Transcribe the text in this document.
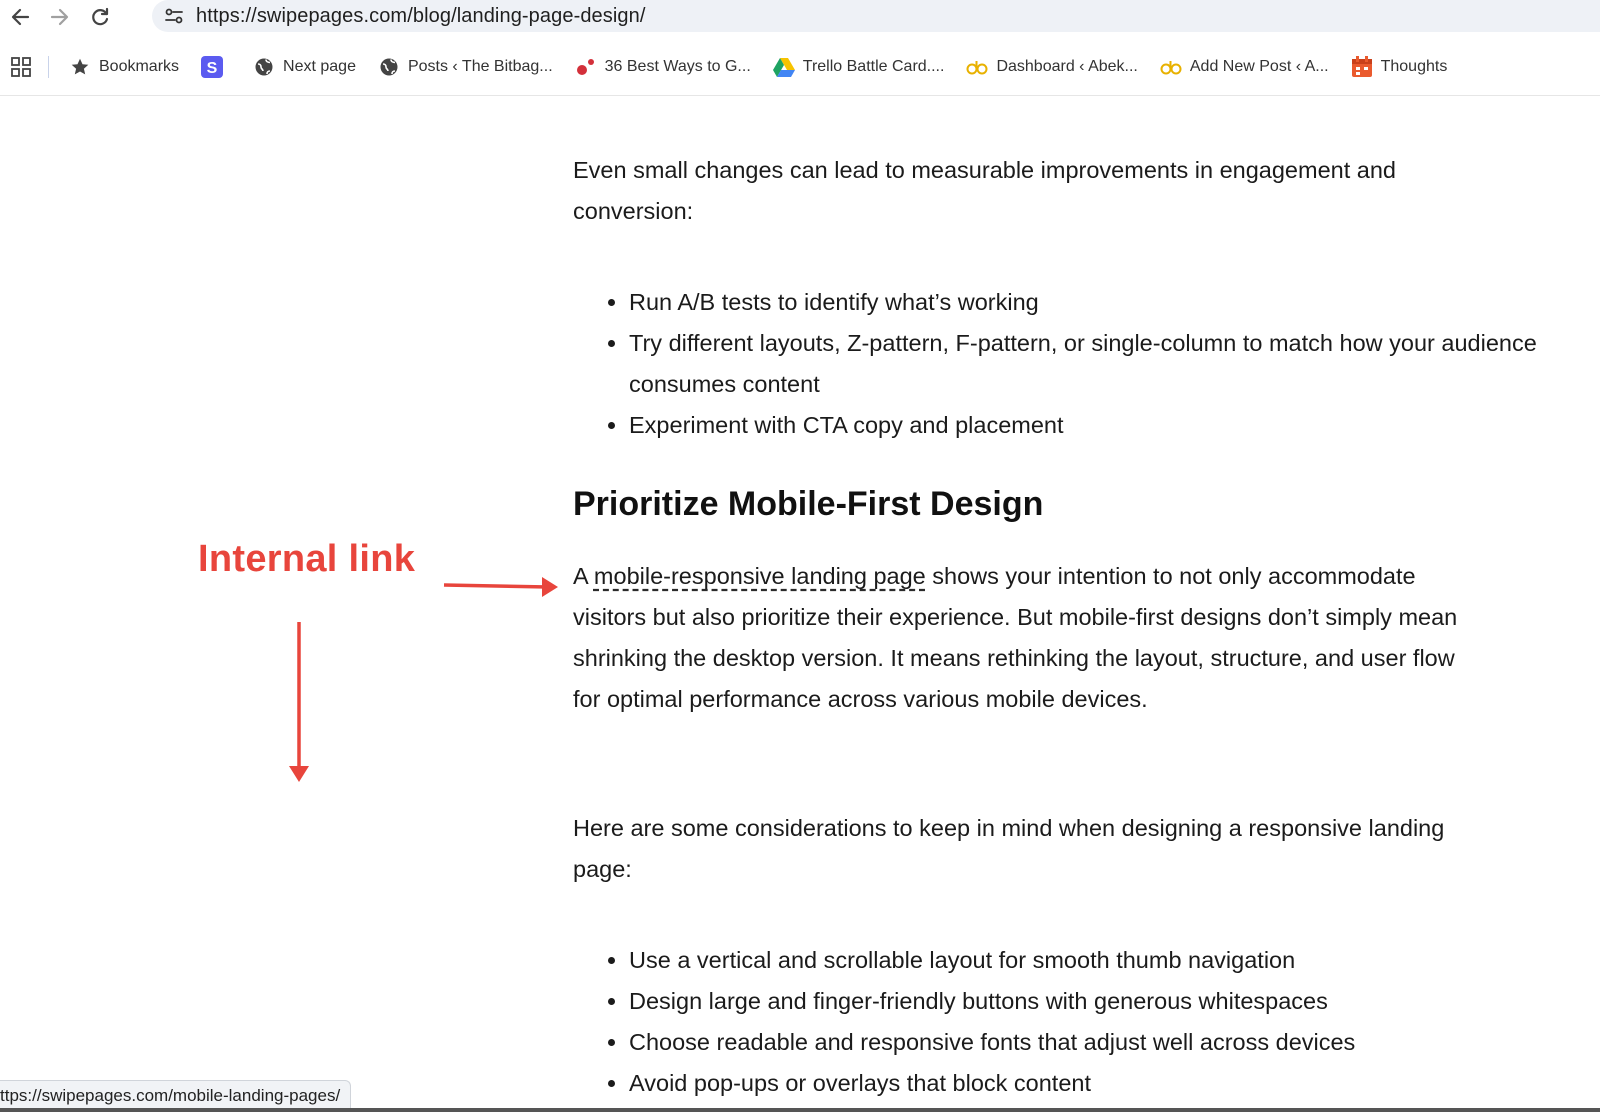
https://swipepages.com/blog/landing-page-design/
Bookmarks S	Next page	Posts ‹ The Bitbag...	36 Best Ways to G...	Trello Battle Card....	Dashboard ‹ Abek...	Add New Post ‹ A...	Thoughts

Even small changes can lead to measurable improvements in engagement and conversion:

• Run A/B tests to identify what’s working
• Try different layouts, Z-pattern, F-pattern, or single-column to match how your audience consumes content
• Experiment with CTA copy and placement
Prioritize Mobile-First Design

A mobile-responsive landing page shows your intention to not only accommodate visitors but also prioritize their experience. But mobile-first designs don’t simply mean shrinking the desktop version. It means rethinking the layout, structure, and user flow for optimal performance across various mobile devices.

Here are some considerations to keep in mind when designing a responsive landing page:

• Use a vertical and scrollable layout for smooth thumb navigation
• Design large and finger-friendly buttons with generous whitespaces
• Choose readable and responsive fonts that adjust well across devices
• Avoid pop-ups or overlays that block content
Internal link
ttps://swipepages.com/mobile-landing-pages/
